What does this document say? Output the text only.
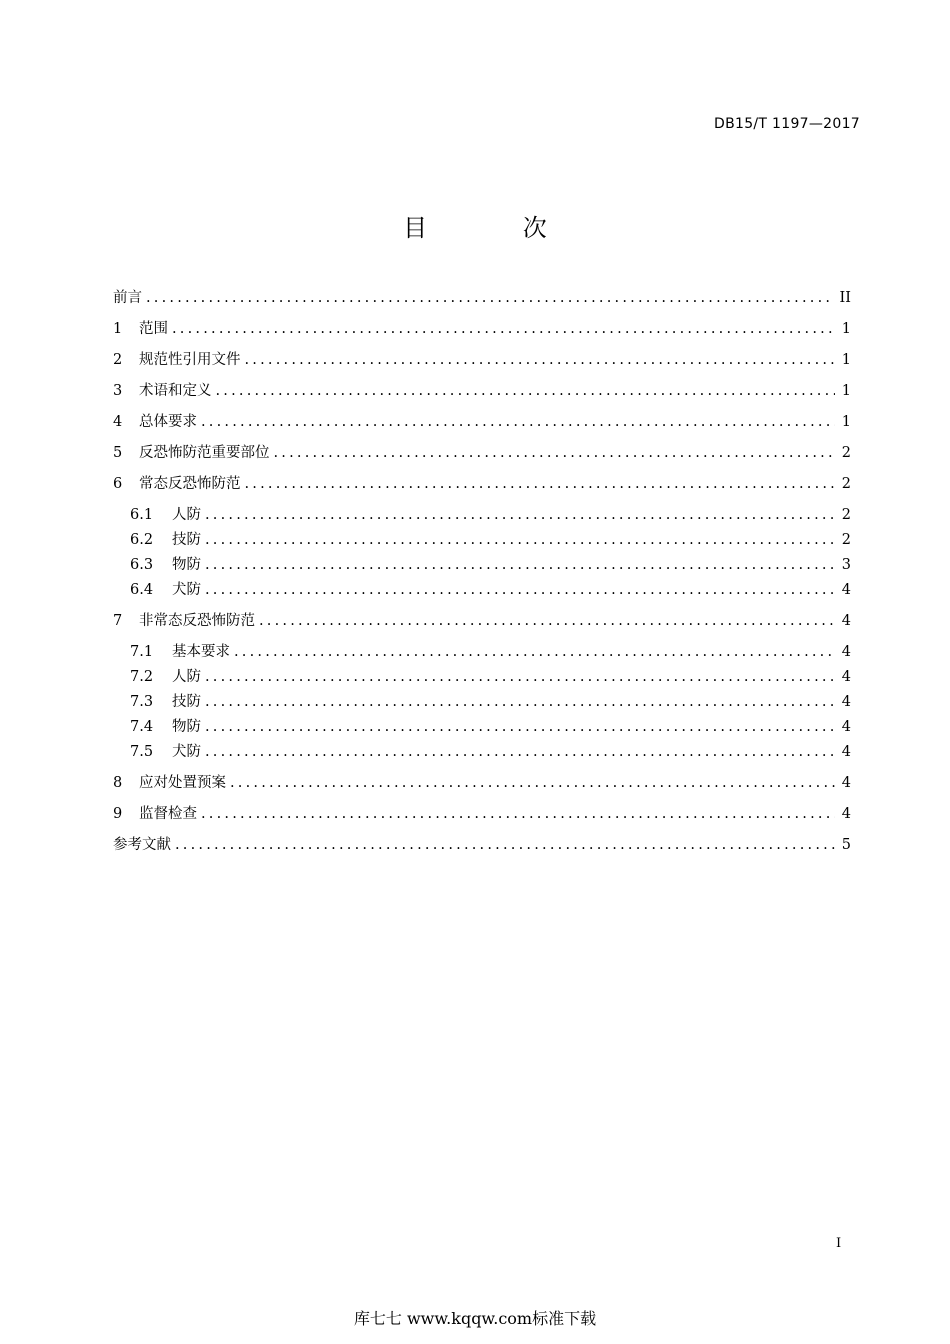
DB15/T 1197—2017
目 次
前言 .....	II
1	范围 .....	1
2	规范性引用文件 .....	1
3	术语和定义 .....	1
4	总体要求 .....	1
5	反恐怖防范重要部位 .....	2
6	常态反恐怖防范 .....	2
6.1	人防 .....	2
6.2	技防 .....	2
6.3	物防 .....	3
6.4	犬防 .....	4
7	非常态反恐怖防范 .....	4
7.1	基本要求 .....	4
7.2	人防 .....	4
7.3	技防 .....	4
7.4	物防 .....	4
7.5	犬防 .....	4
8	应对处置预案 .....	4
9	监督检查 .....	4
参考文献 .....	5
I
库七七 www.kqqw.com标准下载
